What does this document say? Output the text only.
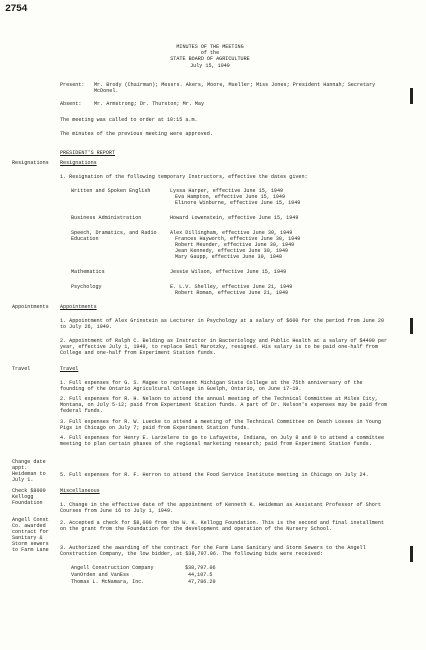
2754
MINUTES OF THE MEETING
of the
STATE BOARD OF AGRICULTURE
July 15, 1949
Present: Mr. Brody (Chairman); Messrs. Akers, Moore, Mueller; Miss Jones; President Hannah; Secretary McDonel.
Absent: Mr. Armstrong; Dr. Thurston; Mr. May
The meeting was called to order at 10:15 a.m.
The minutes of the previous meeting were approved.
PRESIDENT'S REPORT
Resignations Resignations
1. Resignation of the following temporary Instructors, effective the dates given:
Written and Spoken English	Lyssa Harper, effective June 15, 1949
Eva Hampton, effective June 15, 1949
Elinore Winburne, effective June 15, 1949
Business Administration	Howard Lowenstein, effective June 15, 1949
Speech, Dramatics, and Radio Education
Alex Dillingham, effective June 30, 1949
Frances Hayworth, effective June 30, 1949
Robert Meunder, effective June 30, 1949
Jean Kennedy, effective June 30, 1949
Mary Gaupp, effective June 30, 1949
Mathematics	Jessie Wilson, effective June 15, 1949
Psychology	E. L.V. Shelley, effective June 21, 1949
Robert Roman, effective June 21, 1949
Appointments Appointments
1. Appointment of Alex Grinstein as Lecturer in Psychology at a salary of $600 for the period from June 20 to July 26, 1949.
2. Appointment of Ralph C. Belding as Instructor in Bacteriology and Public Health at a salary of $4400 per year, effective July 1, 1949, to replace Emil Marotzky, resigned. His salary is to be paid one-half from College and one-half from Experiment Station funds.
Travel	Travel
1. Full expenses for G. S. Magee to represent Michigan State College at the 75th anniversary of the founding of the Ontario Agricultural College in Guelph, Ontario, on June 17-19.
2. Full expenses for R. H. Nelson to attend the annual meeting of the Technical Committee at Miles City, Montana, on July 5-12; paid from Experiment Station funds. A part of Dr. Nelson's expenses may be paid from federal funds.
3. Full expenses for R. W. Luecke to attend a meeting of the Technical Committee on Death Losses in Young Pigs in Chicago on July 7; paid from Experiment Station funds.
4. Full expenses for Henry E. Larzelere to go to Lafayette, Indiana, on July 8 and 9 to attend a committee meeting to plan certain phases of the regional marketing research; paid from Experiment Station funds.
5. Full expenses for R. F. Herron to attend the Food Service Institute meeting in Chicago on July 24.
Change date appt. Heideman to July 1.
Check $8000 Kellogg Foundation
Angell Const Co. awarded contract for Sanitary & Storm sewers to Farm Lane
Miscellaneous
1. Change in the effective date of the appointment of Kenneth K. Heideman as Assistant Professor of Short Courses from June 16 to July 1, 1949.
2. Accepted a check for $8,000 from the W. K. Kellogg Foundation. This is the second and final installment on the grant from the Foundation for the development and operation of the Nursery School.
3. Authorized the awarding of the contract for the Farm Lane Sanitary and Storm Sewers to the Angell Construction Company, the low bidder, at $38,797.06. The following bids were received:
Angell Construction Company	$38,797.06
VanOrden and VanEss	44,107.5
Thomas L. McNamara, Inc.	47,786.20
